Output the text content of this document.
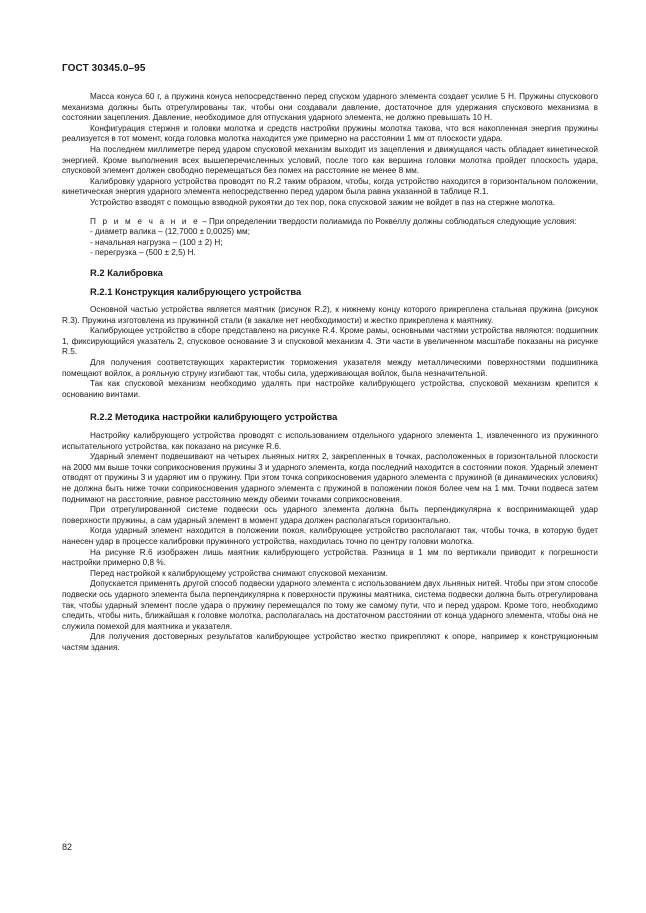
ГОСТ 30345.0–95

Масса конуса 60 г, а пружина конуса непосредственно перед спуском ударного элемента создает усилие 5 Н. Пружины спускового механизма должны быть отрегулированы так, чтобы они создавали давление, достаточное для удержания спускового механизма в состоянии зацепления. Давление, необходимое для отпускания ударного элемента, не должно превышать 10 Н.

Конфигурация стержня и головки молотка и средств настройки пружины молотка такова, что вся накопленная энергия пружины реализуется в тот момент, когда головка молотка находится уже примерно на расстоянии 1 мм от плоскости удара.

На последнем миллиметре перед ударом спусковой механизм выходит из зацепления и движущаяся часть обладает кинетической энергией. Кроме выполнения всех вышеперечисленных условий, после того как вершина головки молотка пройдет плоскость удара, спусковой элемент должен свободно перемещаться без помех на расстояние не менее 8 мм.

Калибровку ударного устройства проводят по R.2 таким образом, чтобы, когда устройство находится в горизонтальном положении, кинетическая энергия ударного элемента непосредственно перед ударом была равна указанной в таблице R.1.

Устройство взводят с помощью взводной рукоятки до тех пор, пока спусковой зажим не войдет в паз на стержне молотка.

П р и м е ч а н и е – При определении твердости полиамида по Роквеллу должны соблюдаться следующие условия:

- диаметр валика – (12,7000 ± 0,0025) мм;

- начальная нагрузка – (100 ± 2) Н;

- перегрузка – (500 ± 2,5) Н.

R.2 Калибровка
R.2.1 Конструкция калибрующего устройства

Основной частью устройства является маятник (рисунок R.2), к нижнему концу которого прикреплена стальная пружина (рисунок R.3). Пружина изготовлена из пружинной стали (в закалке нет необходимости) и жестко прикреплена к маятнику.

Калибрующее устройство в сборе представлено на рисунке R.4. Кроме рамы, основными частями устройства являются: подшипник 1, фиксирующийся указатель 2, спусковое основание 3 и спусковой механизм 4. Эти части в увеличенном масштабе показаны на рисунке R.5.

Для получения соответствующих характеристик торможения указателя между металлическими поверхностями подшипника помещают войлок, а рояльную струну изгибают так, чтобы сила, удерживающая войлок, была незначительной.

Так как спусковой механизм необходимо удалять при настройке калибрующего устройства, спусковой механизм крепится к основанию винтами.

R.2.2 Методика настройки калибрующего устройства

Настройку калибрующего устройства проводят с использованием отдельного ударного элемента 1, извлеченного из пружинного испытательного устройства, как показано на рисунке R.6.

Ударный элемент подвешивают на четырех льняных нитях 2, закрепленных в точках, расположенных в горизонтальной плоскости на 2000 мм выше точки соприкосновения пружины 3 и ударного элемента, когда последний находится в состоянии покоя. Ударный элемент отводят от пружины 3 и ударяют им о пружину. При этом точка соприкосновения ударного элемента с пружиной (в динамических условиях) не должна быть ниже точки соприкосновения ударного элемента с пружиной в положении покоя более чем на 1 мм. Точки подвеса затем поднимают на расстояние, равное расстоянию между обеими точками соприкосновения.

При отрегулированной системе подвески ось ударного элемента должна быть перпендикулярна к воспринимающей удар поверхности пружины, а сам ударный элемент в момент удара должен располагаться горизонтально.

Когда ударный элемент находится в положении покоя, калибрующее устройство располагают так, чтобы точка, в которую будет нанесен удар в процессе калибровки пружинного устройства, находилась точно по центру головки молотка.

На рисунке R.6 изображен лишь маятник калибрующего устройства. Разница в 1 мм по вертикали приводит к погрешности настройки примерно 0,8 %.

Перед настройкой к калибрующему устройства снимают спусковой механизм.

Допускается применять другой способ подвески ударного элемента с использованием двух льняных нитей. Чтобы при этом способе подвески ось ударного элемента была перпендикулярна к поверхности пружины маятника, система подвески должна быть отрегулирована так, чтобы ударный элемент после удара о пружину перемещался по тому же самому пути, что и перед ударом. Кроме того, необходимо следить, чтобы нить, ближайшая к головке молотка, располагалась на достаточном расстоянии от конца ударного элемента, чтобы она не служила помехой для маятника и указателя.

Для получения достоверных результатов калибрующее устройство жестко прикрепляют к опоре, например к конструкционным частям здания.

82
